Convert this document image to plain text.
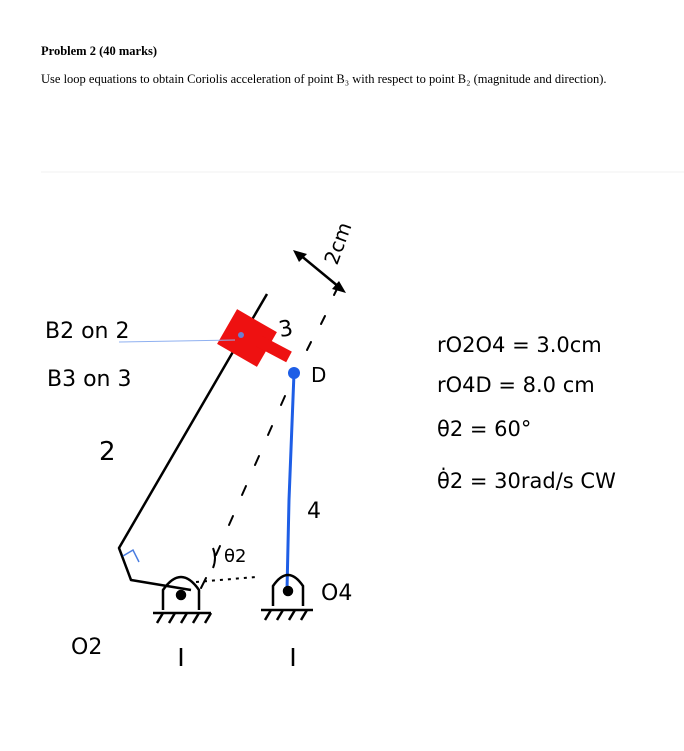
Problem 2 (40 marks)
Use loop equations to obtain Coriolis acceleration of point B₃ with respect to point B₂ (magnitude and direction).
B2 on 2
B3 on 3
2
3
D
4
θ2
O2
O4
2cm
rO2O4 = 3.0cm
rO4D = 8.0 cm
θ2 = 60°
θ̇2 = 30rad/s CW
